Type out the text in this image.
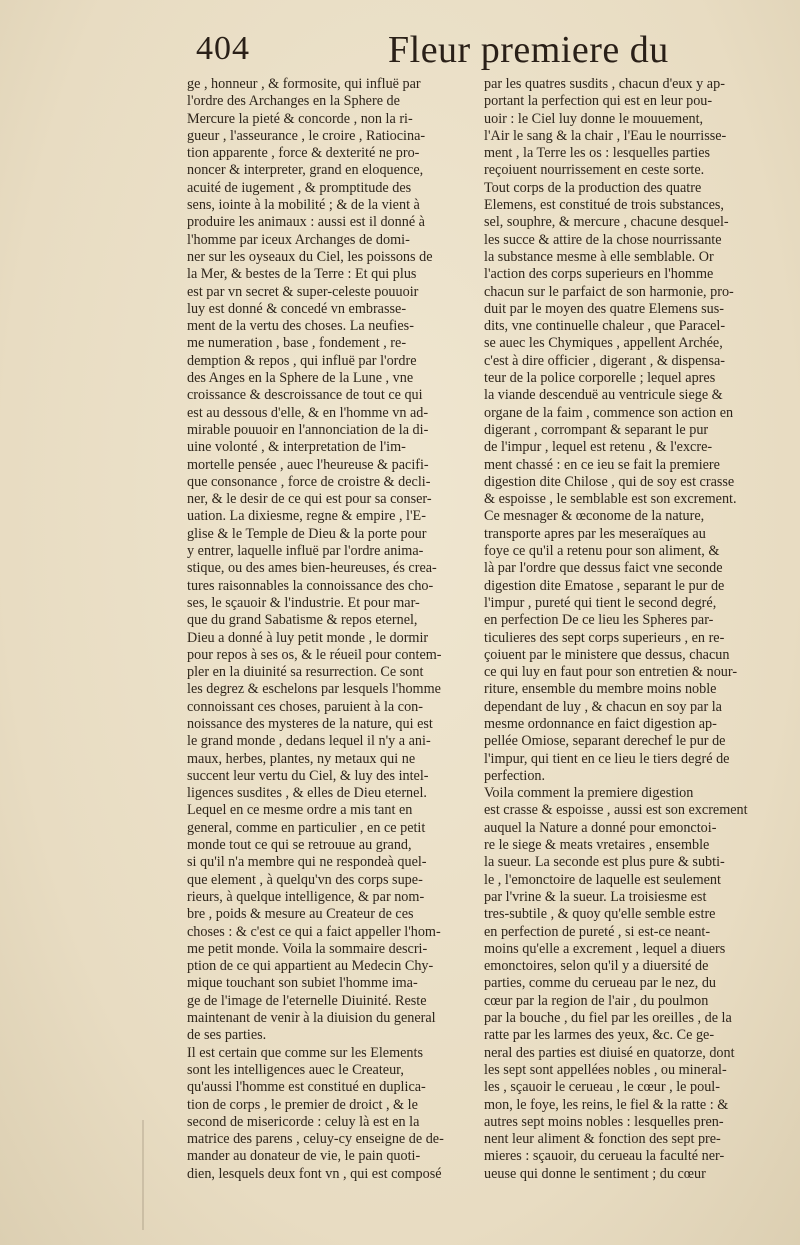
404	Fleur premiere du
ge , honneur , & formosite, qui influë par
l'ordre des Archanges en la Sphere de
Mercure la pieté & concorde , non la ri-
gueur , l'asseurance , le croire , Ratiocina-
tion apparente , force & dexterité ne pro-
noncer & interpreter, grand en eloquence,
acuité de iugement , & promptitude des
sens, iointe à la mobilité ; & de la vient à
produire les animaux : aussi est il donné à
l'homme par iceux Archanges de domi-
ner sur les oyseaux du Ciel, les poissons de
la Mer, & bestes de la Terre : Et qui plus
est par vn secret & super-celeste pouuoir
luy est donné & concedé vn embrasse-
ment de la vertu des choses. La neufies-
me numeration , base , fondement , re-
demption & repos , qui influë par l'ordre
des Anges en la Sphere de la Lune , vne
croissance & descroissance de tout ce qui
est au dessous d'elle, & en l'homme vn ad-
mirable pouuoir en l'annonciation de la di-
uine volonté , & interpretation de l'im-
mortelle pensée , auec l'heureuse & pacifi-
que consonance , force de croistre & decli-
ner, & le desir de ce qui est pour sa conser-
uation. La dixiesme, regne & empire , l'E-
glise & le Temple de Dieu & la porte pour
y entrer, laquelle influë par l'ordre anima-
stique, ou des ames bien-heureuses, és crea-
tures raisonnables la connoissance des cho-
ses, le sçauoir & l'industrie. Et pour mar-
que du grand Sabatisme & repos eternel,
Dieu a donné à luy petit monde , le dormir
pour repos à ses os, & le réueil pour contem-
pler en la diuinité sa resurrection. Ce sont
les degrez & eschelons par lesquels l'homme
connoissant ces choses, paruient à la con-
noissance des mysteres de la nature, qui est
le grand monde , dedans lequel il n'y a ani-
maux, herbes, plantes, ny metaux qui ne
succent leur vertu du Ciel, & luy des intel-
ligences susdites , & elles de Dieu eternel.
Lequel en ce mesme ordre a mis tant en
general, comme en particulier , en ce petit
monde tout ce qui se retrouue au grand,
si qu'il n'a membre qui ne respondeà quel-
que element , à quelqu'vn des corps supe-
rieurs, à quelque intelligence, & par nom-
bre , poids & mesure au Createur de ces
choses : & c'est ce qui a faict appeller l'hom-
me petit monde. Voila la sommaire descri-
ption de ce qui appartient au Medecin Chy-
mique touchant son subiet l'homme ima-
ge de l'image de l'eternelle Diuinité. Reste
maintenant de venir à la diuision du general
de ses parties.
Il est certain que comme sur les Elements
sont les intelligences auec le Createur,
qu'aussi l'homme est constitué en duplica-
tion de corps , le premier de droict , & le
second de misericorde : celuy là est en la
matrice des parens , celuy-cy enseigne de de-
mander au donateur de vie, le pain quoti-
dien, lesquels deux font vn , qui est composé
par les quatres susdits , chacun d'eux y ap-
portant la perfection qui est en leur pou-
uoir : le Ciel luy donne le mouuement,
l'Air le sang & la chair , l'Eau le nourrisse-
ment , la Terre les os : lesquelles parties
reçoiuent nourrissement en ceste sorte.
Tout corps de la production des quatre
Elemens, est constitué de trois substances,
sel, souphre, & mercure , chacune desquel-
les succe & attire de la chose nourrissante
la substance mesme à elle semblable. Or
l'action des corps superieurs en l'homme
chacun sur le parfaict de son harmonie, pro-
duit par le moyen des quatre Elemens sus-
dits, vne continuelle chaleur , que Paracel-
se auec les Chymiques , appellent Archée,
c'est à dire officier , digerant , & dispensa-
teur de la police corporelle ; lequel apres
la viande descenduë au ventricule siege &
organe de la faim , commence son action en
digerant , corrompant & separant le pur
de l'impur , lequel est retenu , & l'excre-
ment chassé : en ce ieu se fait la premiere
digestion dite Chilose , qui de soy est crasse
& espoisse , le semblable est son excrement.
Ce mesnager & œconome de la nature,
transporte apres par les meseraïques au
foye ce qu'il a retenu pour son aliment, &
là par l'ordre que dessus faict vne seconde
digestion dite Ematose , separant le pur de
l'impur , pureté qui tient le second degré,
en perfection De ce lieu les Spheres par-
ticulieres des sept corps superieurs , en re-
çoiuent par le ministere que dessus, chacun
ce qui luy en faut pour son entretien & nour-
riture, ensemble du membre moins noble
dependant de luy , & chacun en soy par la
mesme ordonnance en faict digestion ap-
pellée Omiose, separant derechef le pur de
l'impur, qui tient en ce lieu le tiers degré de
perfection.
Voila comment la premiere digestion
est crasse & espoisse , aussi est son excrement
auquel la Nature a donné pour emonctoi-
re le siege & meats vretaires , ensemble
la sueur. La seconde est plus pure & subti-
le , l'emonctoire de laquelle est seulement
par l'vrine & la sueur. La troisiesme est
tres-subtile , & quoy qu'elle semble estre
en perfection de pureté , si est-ce neant-
moins qu'elle a excrement , lequel a diuers
emonctoires, selon qu'il y a diuersité de
parties, comme du cerueau par le nez, du
cœur par la region de l'air , du poulmon
par la bouche , du fiel par les oreilles , de la
ratte par les larmes des yeux, &c. Ce ge-
neral des parties est diuisé en quatorze, dont
les sept sont appellées nobles , ou mineral-
les , sçauoir le cerueau , le cœur , le poul-
mon, le foye, les reins, le fiel & la ratte : &
autres sept moins nobles : lesquelles pren-
nent leur aliment & fonction des sept pre-
mieres : sçauoir, du cerueau la faculté ner-
ueuse qui donne le sentiment ; du cœur
